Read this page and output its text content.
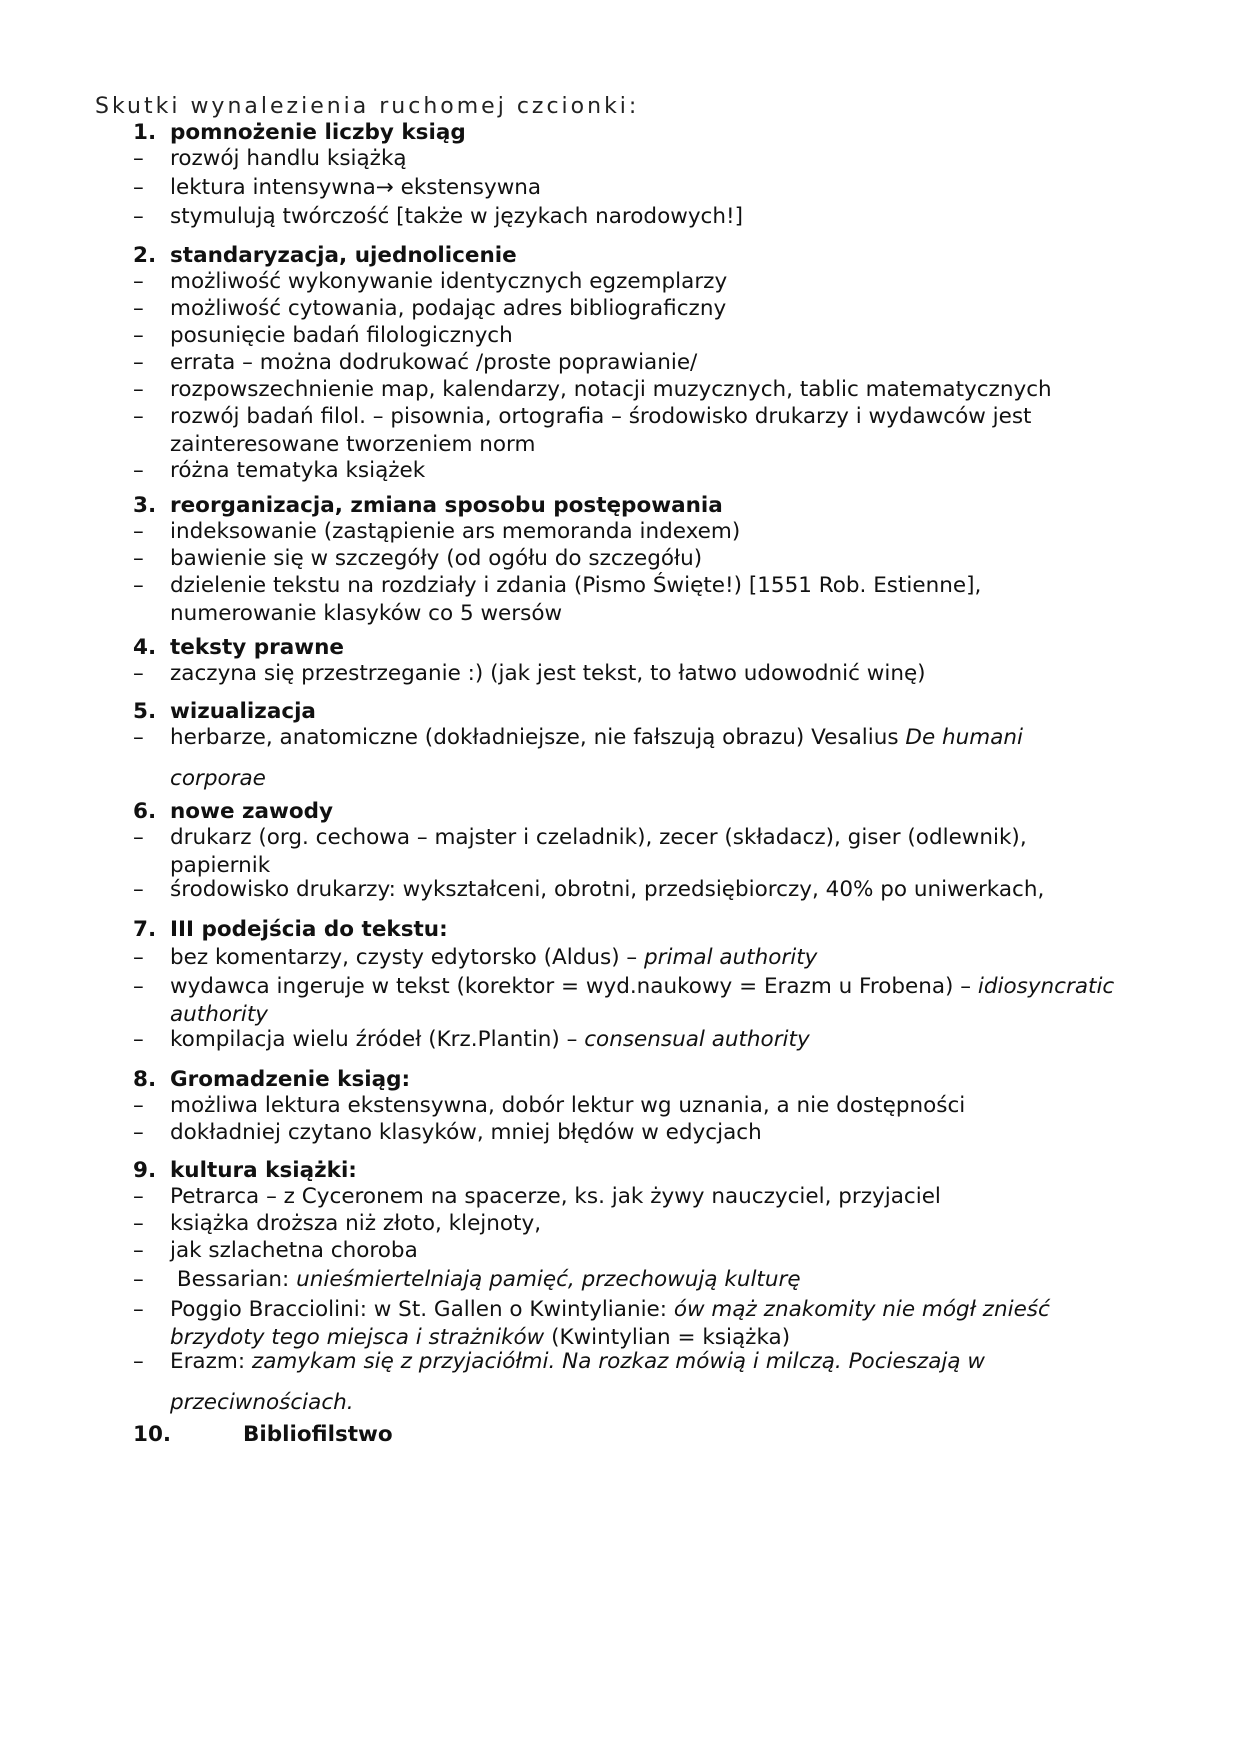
Skutki wynalezienia ruchomej czcionki:
1. pomnożenie liczby ksiąg
– rozwój handlu książką
– lektura intensywna→ ekstensywna
– stymulują twórczość [także w językach narodowych!]
2. standaryzacja, ujednolicenie
– możliwość wykonywanie identycznych egzemplarzy
– możliwość cytowania, podając adres bibliograficzny
– posunięcie badań filologicznych
– errata – można dodrukować /proste poprawianie/
– rozpowszechnienie map, kalendarzy, notacji muzycznych, tablic matematycznych
– rozwój badań filol. – pisownia, ortografia – środowisko drukarzy i wydawców jest zainteresowane tworzeniem norm
– różna tematyka książek
3. reorganizacja, zmiana sposobu postępowania
– indeksowanie (zastąpienie ars memoranda indexem)
– bawienie się w szczegóły (od ogółu do szczegółu)
– dzielenie tekstu na rozdziały i zdania (Pismo Święte!) [1551 Rob. Estienne], numerowanie klasyków co 5 wersów
4. teksty prawne
– zaczyna się przestrzeganie :) (jak jest tekst, to łatwo udowodnić winę)
5. wizualizacja
– herbarze, anatomiczne (dokładniejsze, nie fałszują obrazu) Vesalius De humani
corporae
6. nowe zawody
– drukarz (org. cechowa – majster i czeladnik), zecer (składacz), giser (odlewnik), papiernik
– środowisko drukarzy: wykształceni, obrotni, przedsiębiorczy, 40% po uniwerkach,
7. III podejścia do tekstu:
– bez komentarzy, czysty edytorsko (Aldus) – primal authority
– wydawca ingeruje w tekst (korektor = wyd.naukowy = Erazm u Frobena) – idiosyncratic authority
– kompilacja wielu źródeł (Krz.Plantin) – consensual authority
8. Gromadzenie ksiąg:
– możliwa lektura ekstensywna, dobór lektur wg uznania, a nie dostępności
– dokładniej czytano klasyków, mniej błędów w edycjach
9. kultura książki:
– Petrarca – z Cyceronem na spacerze, ks. jak żywy nauczyciel, przyjaciel
– książka droższa niż złoto, klejnoty,
– jak szlachetna choroba
– Bessarian: unieśmiertelniają pamięć, przechowują kulturę
– Poggio Bracciolini: w St. Gallen o Kwintylianie: ów mąż znakomity nie mógł znieść brzydoty tego miejsca i strażników (Kwintylian = książka)
– Erazm: zamykam się z przyjaciółmi. Na rozkaz mówią i milczą. Pocieszają w
przeciwnościach.
10.	Bibliofilstwo
